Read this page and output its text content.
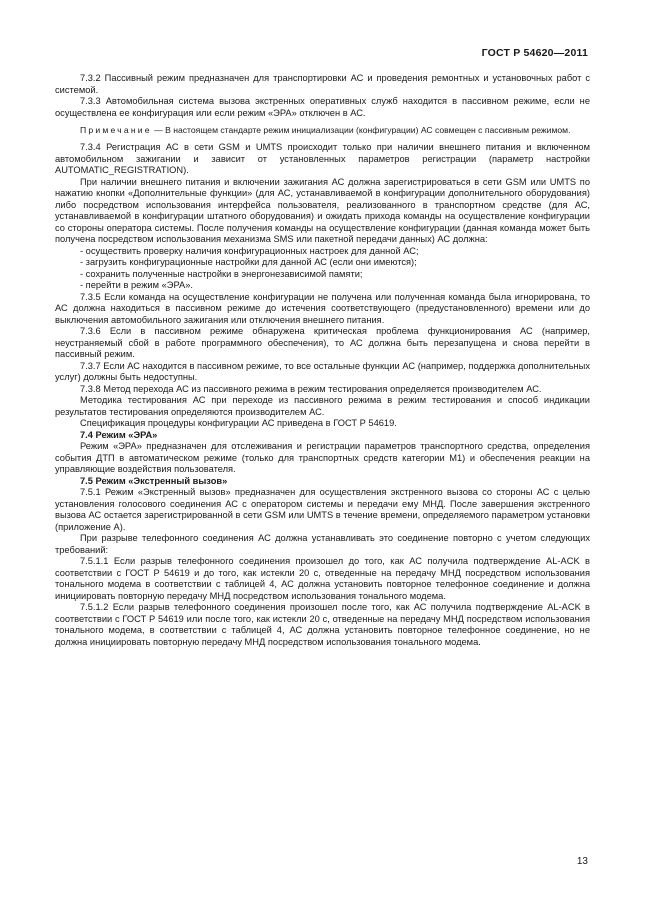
ГОСТ Р 54620—2011

7.3.2 Пассивный режим предназначен для транспортировки АС и проведения ремонтных и установочных работ с системой.

7.3.3 Автомобильная система вызова экстренных оперативных служб находится в пассивном режиме, если не осуществлена ее конфигурация или если режим «ЭРА» отключен в АС.

Примечание — В настоящем стандарте режим инициализации (конфигурации) АС совмещен с пассивным режимом.

7.3.4 Регистрация АС в сети GSM и UMTS происходит только при наличии внешнего питания и включенном автомобильном зажигании и зависит от установленных параметров регистрации (параметр настройки AUTOMATIC_REGISTRATION).

При наличии внешнего питания и включении зажигания АС должна зарегистрироваться в сети GSM или UMTS по нажатию кнопки «Дополнительные функции» (для АС, устанавливаемой в конфигурации дополнительного оборудования) либо посредством использования интерфейса пользователя, реализованного в транспортном средстве (для АС, устанавливаемой в конфигурации штатного оборудования) и ожидать прихода команды на осуществление конфигурации со стороны оператора системы. После получения команды на осуществление конфигурации (данная команда может быть получена посредством использования механизма SMS или пакетной передачи данных) АС должна:

- осуществить проверку наличия конфигурационных настроек для данной АС;

- загрузить конфигурационные настройки для данной АС (если они имеются);

- сохранить полученные настройки в энергонезависимой памяти;

- перейти в режим «ЭРА».

7.3.5 Если команда на осуществление конфигурации не получена или полученная команда была игнорирована, то АС должна находиться в пассивном режиме до истечения соответствующего (предустановленного) времени или до выключения автомобильного зажигания или отключения внешнего питания.

7.3.6 Если в пассивном режиме обнаружена критическая проблема функционирования АС (например, неустраняемый сбой в работе программного обеспечения), то АС должна быть перезапущена и снова перейти в пассивный режим.

7.3.7 Если АС находится в пассивном режиме, то все остальные функции АС (например, поддержка дополнительных услуг) должны быть недоступны.

7.3.8 Метод перехода АС из пассивного режима в режим тестирования определяется производителем АС.

Методика тестирования АС при переходе из пассивного режима в режим тестирования и способ индикации результатов тестирования определяются производителем АС.

Спецификация процедуры конфигурации АС приведена в ГОСТ Р 54619.

7.4 Режим «ЭРА»

Режим «ЭРА» предназначен для отслеживания и регистрации параметров транспортного средства, определения события ДТП в автоматическом режиме (только для транспортных средств категории М1) и обеспечения реакции на управляющие воздействия пользователя.

7.5 Режим «Экстренный вызов»

7.5.1 Режим «Экстренный вызов» предназначен для осуществления экстренного вызова со стороны АС с целью установления голосового соединения АС с оператором системы и передачи ему МНД. После завершения экстренного вызова АС остается зарегистрированной в сети GSM или UMTS в течение времени, определяемого параметром установки (приложение А).

При разрыве телефонного соединения АС должна устанавливать это соединение повторно с учетом следующих требований:

7.5.1.1 Если разрыв телефонного соединения произошел до того, как АС получила подтверждение AL-ACK в соответствии с ГОСТ Р 54619 и до того, как истекли 20 с, отведенные на передачу МНД посредством использования тонального модема в соответствии с таблицей 4, АС должна установить повторное телефонное соединение и должна инициировать повторную передачу МНД посредством использования тонального модема.

7.5.1.2 Если разрыв телефонного соединения произошел после того, как АС получила подтверждение AL-ACK в соответствии с ГОСТ Р 54619 или после того, как истекли 20 с, отведенные на передачу МНД посредством использования тонального модема, в соответствии с таблицей 4, АС должна установить повторное телефонное соединение, но не должна инициировать повторную передачу МНД посредством использования тонального модема.

13
